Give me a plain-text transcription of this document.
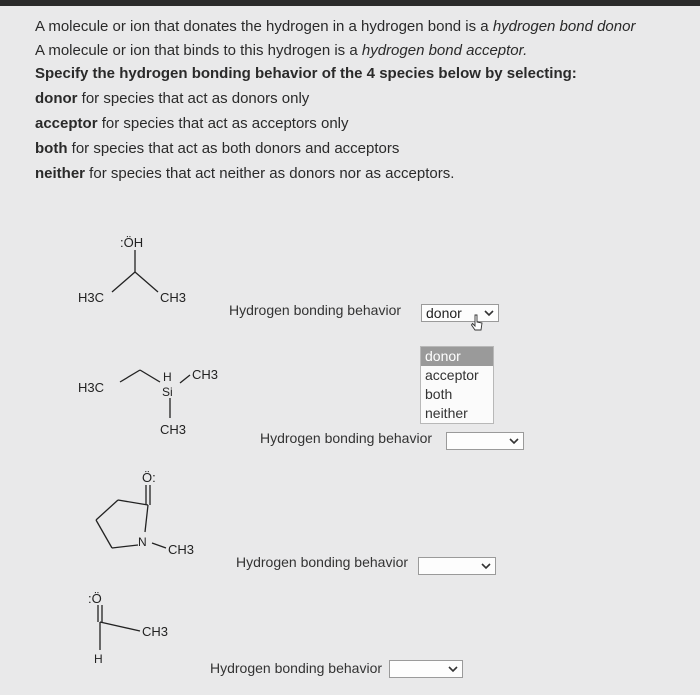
A molecule or ion that donates the hydrogen in a hydrogen bond is a hydrogen bond donor
A molecule or ion that binds to this hydrogen is a hydrogen bond acceptor.
Specify the hydrogen bonding behavior of the 4 species below by selecting:
donor for species that act as donors only
acceptor for species that act as acceptors only
both for species that act as both donors and acceptors
neither for species that act neither as donors nor as acceptors.
:ÖH
H3C	CH3
H3C
H
Si
CH3
CH3
Ö:
N CH3
:Ö
H
CH3
Hydrogen bonding behavior donor
donor
acceptor
both
neither
Hydrogen bonding behavior
Hydrogen bonding behavior
Hydrogen bonding behavior
